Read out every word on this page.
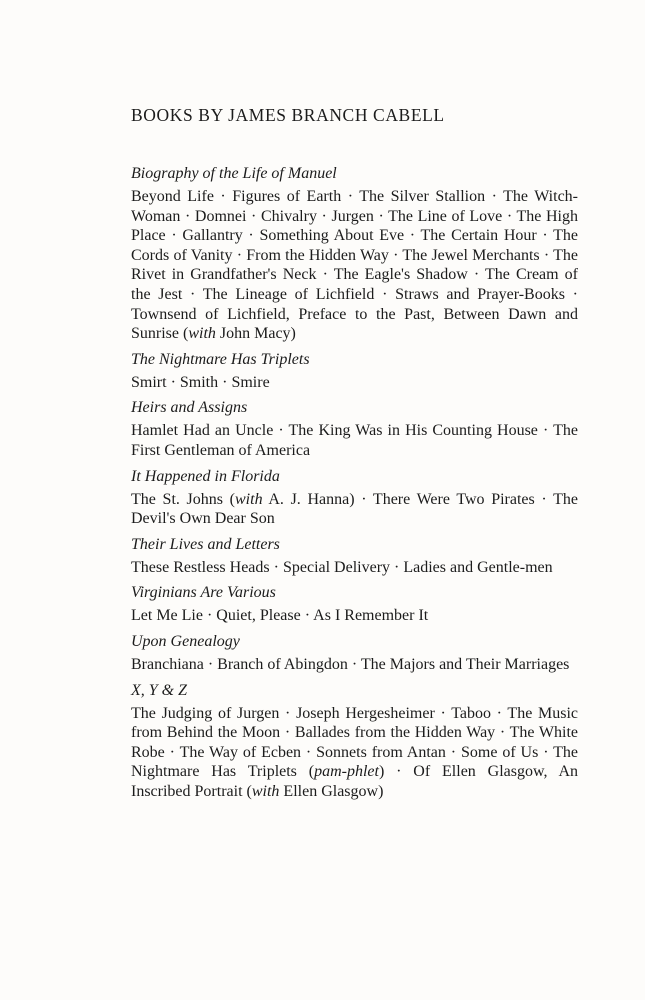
BOOKS BY JAMES BRANCH CABELL
Biography of the Life of Manuel
Beyond Life · Figures of Earth · The Silver Stallion · The Witch-Woman · Domnei · Chivalry · Jurgen · The Line of Love · The High Place · Gallantry · Something About Eve · The Certain Hour · The Cords of Vanity · From the Hidden Way · The Jewel Merchants · The Rivet in Grandfather's Neck · The Eagle's Shadow · The Cream of the Jest · The Lineage of Lichfield · Straws and Prayer-Books · Townsend of Lichfield, Preface to the Past, Between Dawn and Sunrise (with John Macy)
The Nightmare Has Triplets
Smirt · Smith · Smire
Heirs and Assigns
Hamlet Had an Uncle · The King Was in His Counting House · The First Gentleman of America
It Happened in Florida
The St. Johns (with A. J. Hanna) · There Were Two Pirates · The Devil's Own Dear Son
Their Lives and Letters
These Restless Heads · Special Delivery · Ladies and Gentle-men
Virginians Are Various
Let Me Lie · Quiet, Please · As I Remember It
Upon Genealogy
Branchiana · Branch of Abingdon · The Majors and Their Marriages
X, Y & Z
The Judging of Jurgen · Joseph Hergesheimer · Taboo · The Music from Behind the Moon · Ballades from the Hidden Way · The White Robe · The Way of Ecben · Sonnets from Antan · Some of Us · The Nightmare Has Triplets (pam-phlet) · Of Ellen Glasgow, An Inscribed Portrait (with Ellen Glasgow)
